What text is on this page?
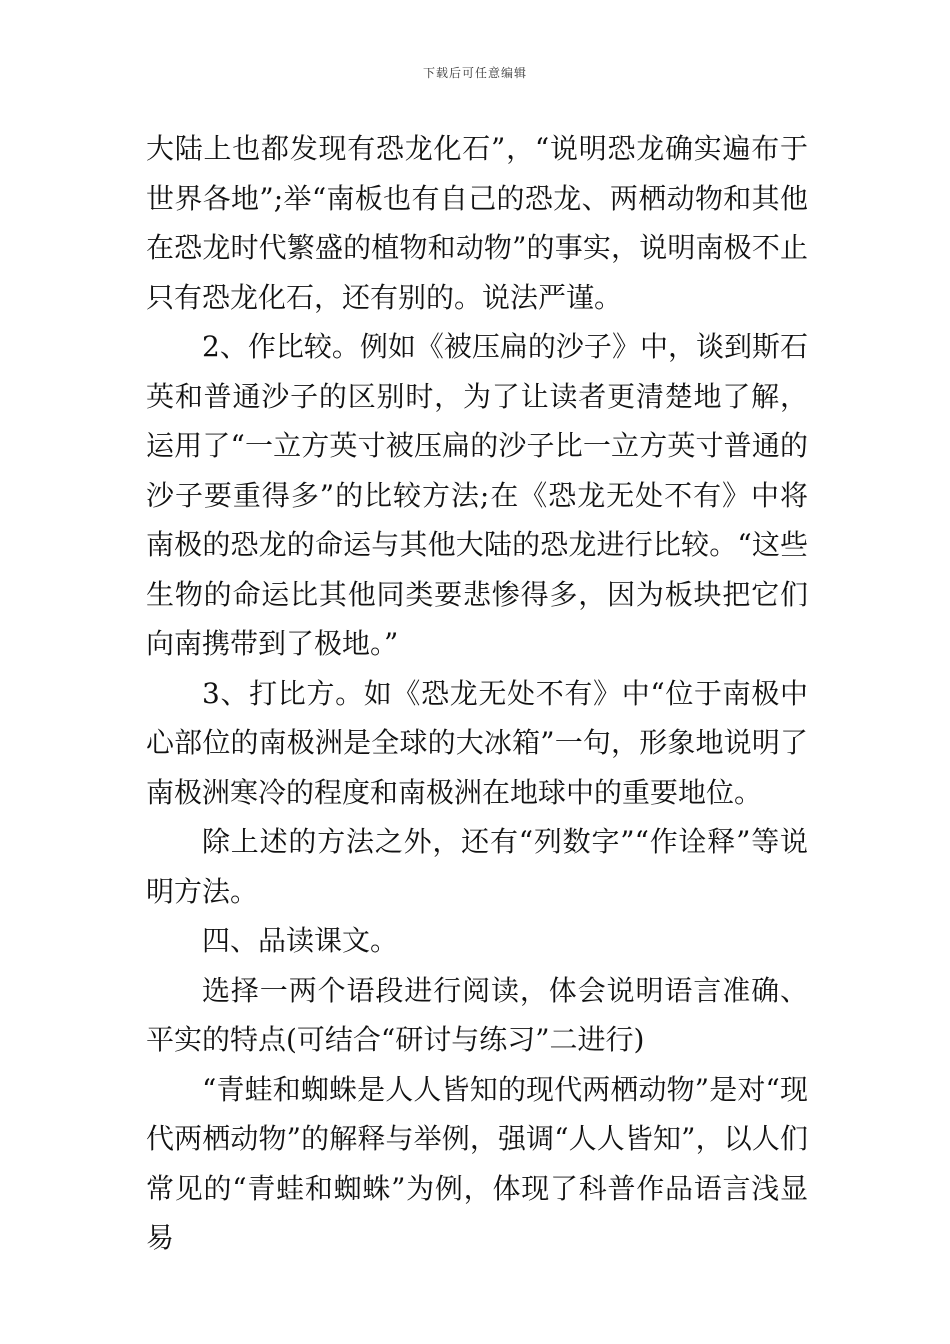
下载后可任意编辑

大陆上也都发现有恐龙化石”，“说明恐龙确实遍布于世界各地”;举“南板也有自己的恐龙、两栖动物和其他在恐龙时代繁盛的植物和动物”的事实，说明南极不止只有恐龙化石，还有别的。说法严谨。

2、作比较。例如《被压扁的沙子》中，谈到斯石英和普通沙子的区别时，为了让读者更清楚地了解，运用了“一立方英寸被压扁的沙子比一立方英寸普通的沙子要重得多”的比较方法;在《恐龙无处不有》中将南极的恐龙的命运与其他大陆的恐龙进行比较。“这些生物的命运比其他同类要悲惨得多，因为板块把它们向南携带到了极地。”

3、打比方。如《恐龙无处不有》中“位于南极中心部位的南极洲是全球的大冰箱”一句，形象地说明了南极洲寒冷的程度和南极洲在地球中的重要地位。

除上述的方法之外，还有“列数字”“作诠释”等说明方法。

四、品读课文。

选择一两个语段进行阅读，体会说明语言准确、平实的特点(可结合“研讨与练习”二进行)

“青蛙和蜘蛛是人人皆知的现代两栖动物”是对“现代两栖动物”的解释与举例，强调“人人皆知”，以人们常见的“青蛙和蜘蛛”为例，体现了科普作品语言浅显易
